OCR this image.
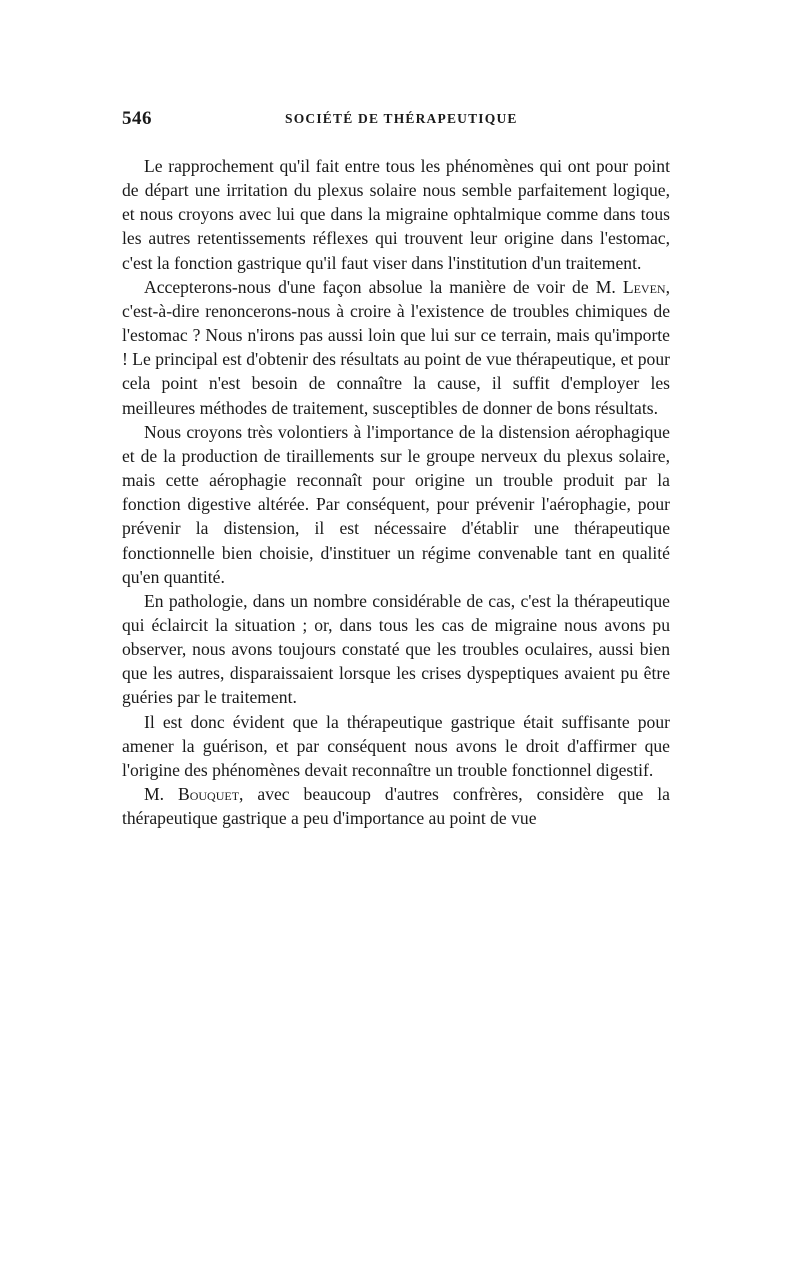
546	SOCIÉTÉ DE THÉRAPEUTIQUE

Le rapprochement qu'il fait entre tous les phénomènes qui ont pour point de départ une irritation du plexus solaire nous semble parfaitement logique, et nous croyons avec lui que dans la migraine ophtalmique comme dans tous les autres retentissements réflexes qui trouvent leur origine dans l'estomac, c'est la fonction gastrique qu'il faut viser dans l'institution d'un traitement.

Accepterons-nous d'une façon absolue la manière de voir de M. Leven, c'est-à-dire renoncerons-nous à croire à l'existence de troubles chimiques de l'estomac ? Nous n'irons pas aussi loin que lui sur ce terrain, mais qu'importe ! Le principal est d'obtenir des résultats au point de vue thérapeutique, et pour cela point n'est besoin de connaître la cause, il suffit d'employer les meilleures méthodes de traitement, susceptibles de donner de bons résultats.

Nous croyons très volontiers à l'importance de la distension aérophagique et de la production de tiraillements sur le groupe nerveux du plexus solaire, mais cette aérophagie reconnaît pour origine un trouble produit par la fonction digestive altérée. Par conséquent, pour prévenir l'aérophagie, pour prévenir la distension, il est nécessaire d'établir une thérapeutique fonctionnelle bien choisie, d'instituer un régime convenable tant en qualité qu'en quantité.

En pathologie, dans un nombre considérable de cas, c'est la thérapeutique qui éclaircit la situation ; or, dans tous les cas de migraine nous avons pu observer, nous avons toujours constaté que les troubles oculaires, aussi bien que les autres, disparaissaient lorsque les crises dyspeptiques avaient pu être guéries par le traitement.

Il est donc évident que la thérapeutique gastrique était suffisante pour amener la guérison, et par conséquent nous avons le droit d'affirmer que l'origine des phénomènes devait reconnaître un trouble fonctionnel digestif.

M. Bouquet, avec beaucoup d'autres confrères, considère que la thérapeutique gastrique a peu d'importance au point de vue
